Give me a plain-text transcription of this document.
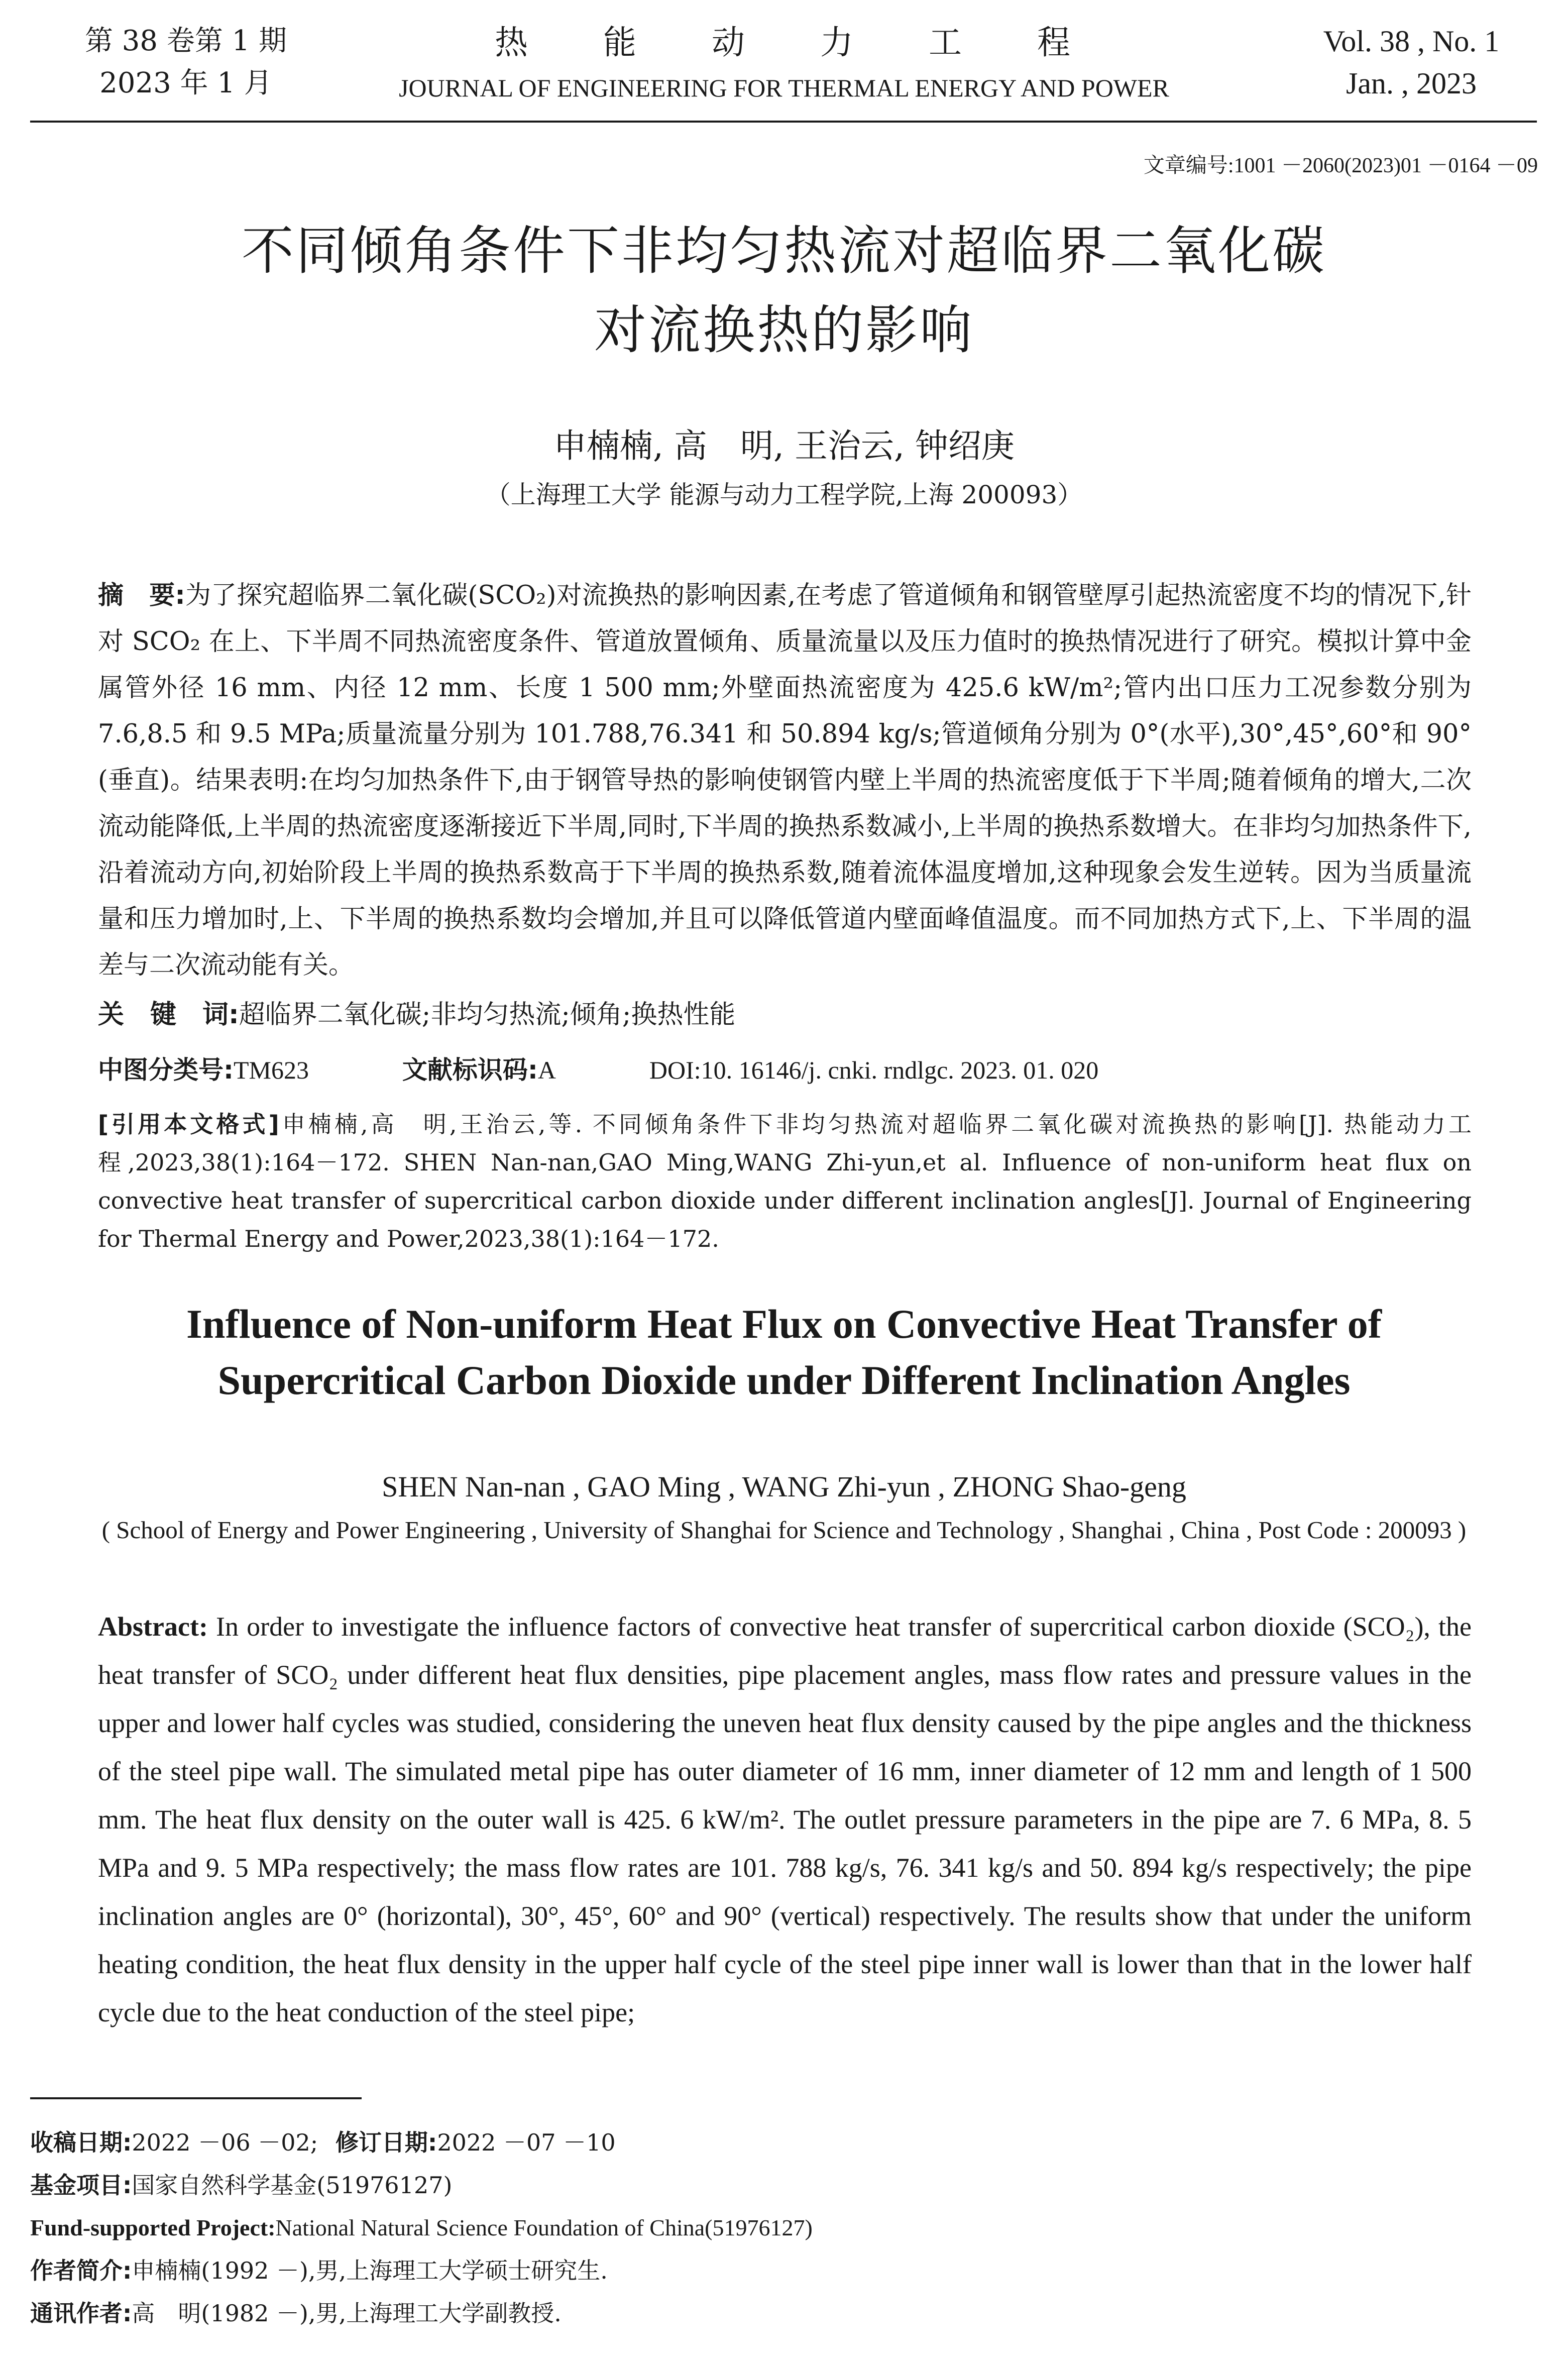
第 38 卷第 1 期
2023 年 1 月
热　　能　　动　　力　　工　　程
JOURNAL OF ENGINEERING FOR THERMAL ENERGY AND POWER
Vol. 38 , No. 1
Jan. , 2023
文章编号:1001 －2060(2023)01 －0164 －09
不同倾角条件下非均匀热流对超临界二氧化碳
对流换热的影响
申楠楠, 高　明, 王治云, 钟绍庚
（上海理工大学 能源与动力工程学院,上海 200093）
摘　要:为了探究超临界二氧化碳(SCO₂)对流换热的影响因素,在考虑了管道倾角和钢管壁厚引起热流密度不均的情况下,针对 SCO₂ 在上、下半周不同热流密度条件、管道放置倾角、质量流量以及压力值时的换热情况进行了研究。模拟计算中金属管外径 16 mm、内径 12 mm、长度 1 500 mm;外壁面热流密度为 425.6 kW/m²;管内出口压力工况参数分别为 7.6,8.5 和 9.5 MPa;质量流量分别为 101.788,76.341 和 50.894 kg/s;管道倾角分别为 0°(水平),30°,45°,60°和 90°(垂直)。结果表明:在均匀加热条件下,由于钢管导热的影响使钢管内壁上半周的热流密度低于下半周;随着倾角的增大,二次流动能降低,上半周的热流密度逐渐接近下半周,同时,下半周的换热系数减小,上半周的换热系数增大。在非均匀加热条件下,沿着流动方向,初始阶段上半周的换热系数高于下半周的换热系数,随着流体温度增加,这种现象会发生逆转。因为当质量流量和压力增加时,上、下半周的换热系数均会增加,并且可以降低管道内壁面峰值温度。而不同加热方式下,上、下半周的温差与二次流动能有关。
关　键　词:超临界二氧化碳;非均匀热流;倾角;换热性能
中图分类号:TM623	文献标识码:A	DOI:10. 16146/j. cnki. rndlgc. 2023. 01. 020
[引用本文格式]申楠楠,高　明,王治云,等. 不同倾角条件下非均匀热流对超临界二氧化碳对流换热的影响[J]. 热能动力工程,2023,38(1):164－172. SHEN Nan-nan,GAO Ming,WANG Zhi-yun,et al. Influence of non-uniform heat flux on convective heat transfer of supercritical carbon dioxide under different inclination angles[J]. Journal of Engineering for Thermal Energy and Power,2023,38(1):164－172.
Influence of Non-uniform Heat Flux on Convective Heat Transfer of
Supercritical Carbon Dioxide under Different Inclination Angles
SHEN Nan-nan , GAO Ming , WANG Zhi-yun , ZHONG Shao-geng
( School of Energy and Power Engineering , University of Shanghai for Science and Technology , Shanghai , China , Post Code : 200093 )
Abstract: In order to investigate the influence factors of convective heat transfer of supercritical carbon dioxide (SCO₂), the heat transfer of SCO₂ under different heat flux densities, pipe placement angles, mass flow rates and pressure values in the upper and lower half cycles was studied, considering the uneven heat flux density caused by the pipe angles and the thickness of the steel pipe wall. The simulated metal pipe has outer diameter of 16 mm, inner diameter of 12 mm and length of 1 500 mm. The heat flux density on the outer wall is 425. 6 kW/m². The outlet pressure parameters in the pipe are 7. 6 MPa, 8. 5 MPa and 9. 5 MPa respectively; the mass flow rates are 101. 788 kg/s, 76. 341 kg/s and 50. 894 kg/s respectively; the pipe inclination angles are 0° (horizontal), 30°, 45°, 60° and 90° (vertical) respectively. The results show that under the uniform heating condition, the heat flux density in the upper half cycle of the steel pipe inner wall is lower than that in the lower half cycle due to the heat conduction of the steel pipe;
收稿日期:2022 －06 －02; 修订日期:2022 －07 －10
基金项目:国家自然科学基金(51976127)
Fund-supported Project:National Natural Science Foundation of China(51976127)
作者简介:申楠楠(1992 －),男,上海理工大学硕士研究生.
通讯作者:高　明(1982 －),男,上海理工大学副教授.
